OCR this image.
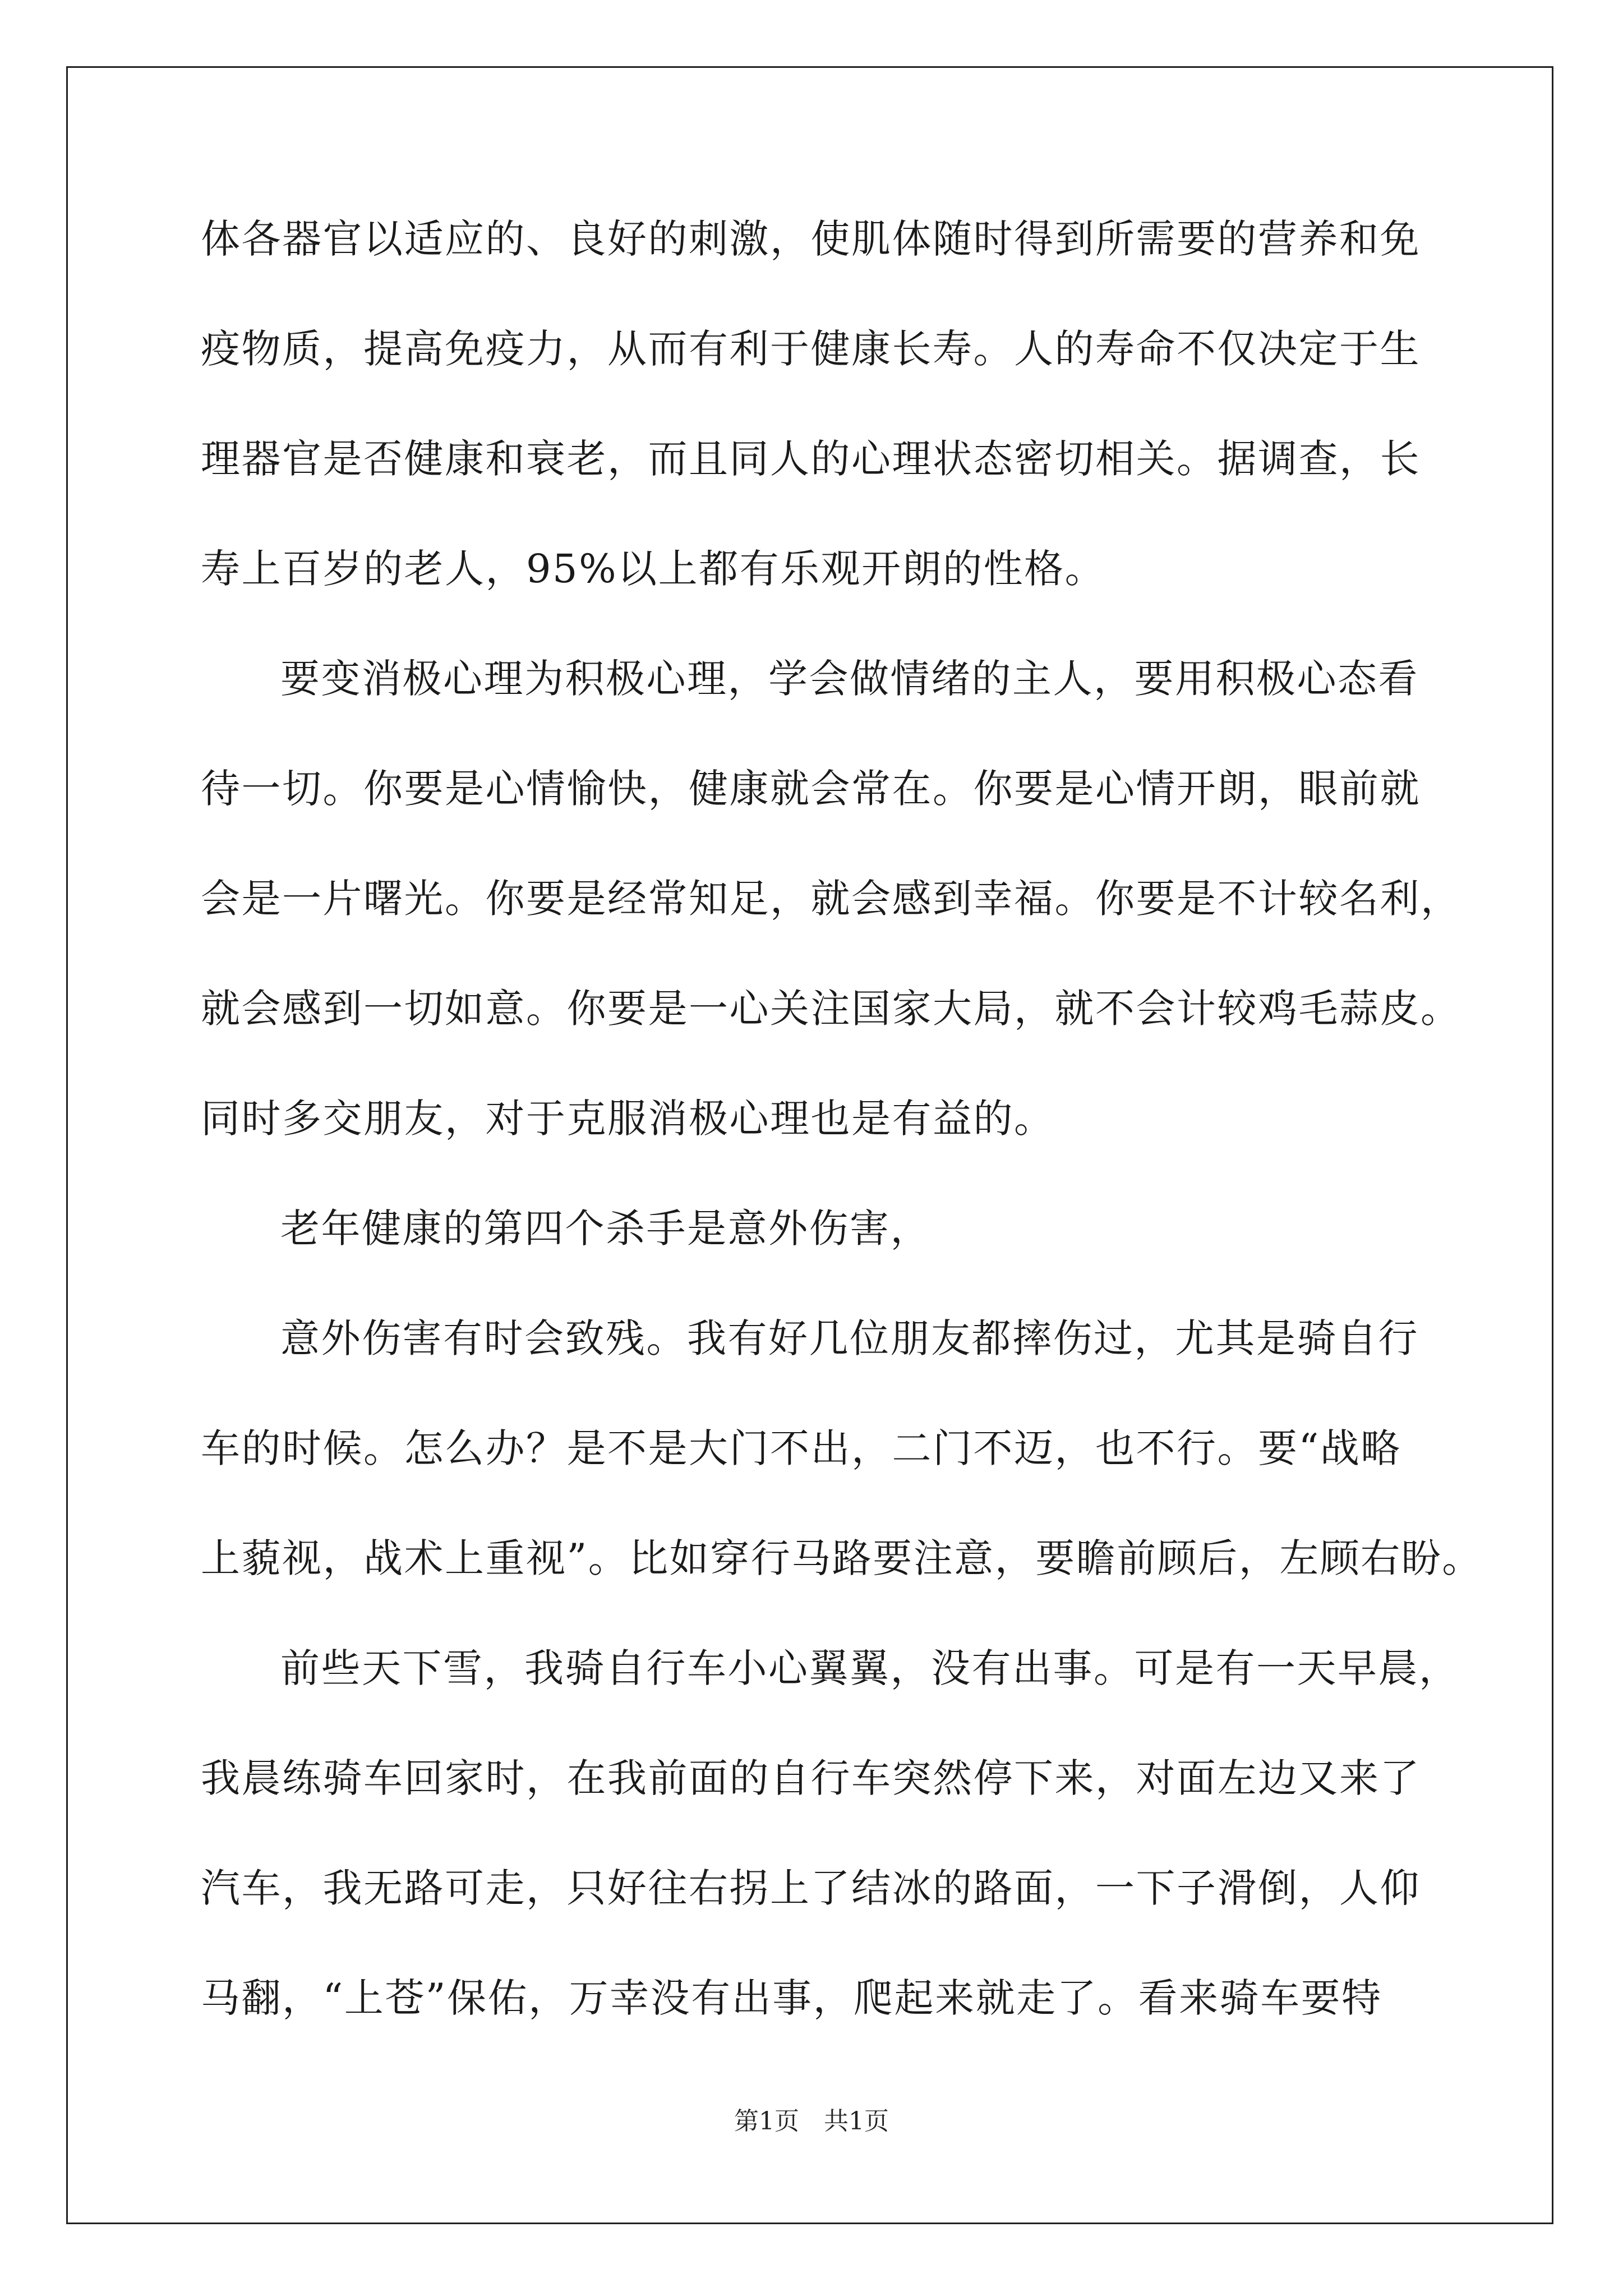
体各器官以适应的、良好的刺激，使肌体随时得到所需要的营养和免
疫物质，提高免疫力，从而有利于健康长寿。人的寿命不仅决定于生
理器官是否健康和衰老，而且同人的心理状态密切相关。据调查，长
寿上百岁的老人，95%以上都有乐观开朗的性格。
要变消极心理为积极心理，学会做情绪的主人，要用积极心态看
待一切。你要是心情愉快，健康就会常在。你要是心情开朗，眼前就
会是一片曙光。你要是经常知足，就会感到幸福。你要是不计较名利，
就会感到一切如意。你要是一心关注国家大局，就不会计较鸡毛蒜皮。
同时多交朋友，对于克服消极心理也是有益的。
老年健康的第四个杀手是意外伤害，
意外伤害有时会致残。我有好几位朋友都摔伤过，尤其是骑自行
车的时候。怎么办？是不是大门不出，二门不迈，也不行。要“战略
上藐视，战术上重视”。比如穿行马路要注意，要瞻前顾后，左顾右盼。
前些天下雪，我骑自行车小心翼翼，没有出事。可是有一天早晨，
我晨练骑车回家时，在我前面的自行车突然停下来，对面左边又来了
汽车，我无路可走，只好往右拐上了结冰的路面，一下子滑倒，人仰
马翻，“上苍”保佑，万幸没有出事，爬起来就走了。看来骑车要特
第1页　共1页
